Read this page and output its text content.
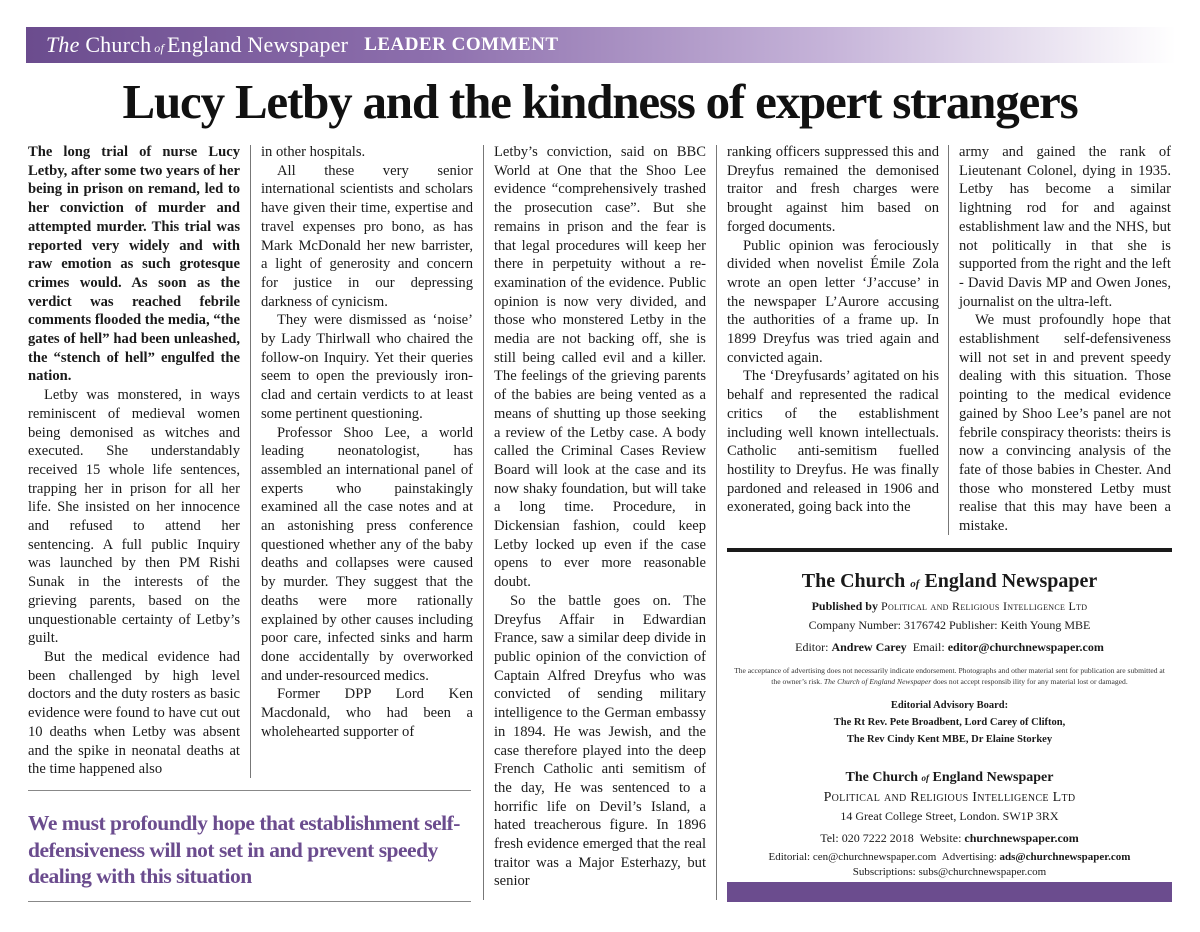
The Church of England Newspaper LEADER COMMENT
Lucy Letby and the kindness of expert strangers

The long trial of nurse Lucy Letby, after some two years of her being in prison on remand, led to her conviction of murder and attempted murder. This trial was reported very widely and with raw emotion as such grotesque crimes would. As soon as the verdict was reached febrile comments flooded the media, “the gates of hell” had been unleashed, the “stench of hell” engulfed the nation.

Letby was monstered, in ways reminiscent of medieval women being demonised as witches and executed. She understandably received 15 whole life sentences, trapping her in prison for all her life. She insisted on her innocence and refused to attend her sentencing. A full public Inquiry was launched by then PM Rishi Sunak in the interests of the grieving parents, based on the unquestionable certainty of Letby’s guilt.

But the medical evidence had been challenged by high level doctors and the duty rosters as basic evidence were found to have cut out 10 deaths when Letby was absent and the spike in neonatal deaths at the time happened also

in other hospitals.

All these very senior international scientists and scholars have given their time, expertise and travel expenses pro bono, as has Mark McDonald her new barrister, a light of generosity and concern for justice in our depressing darkness of cynicism.

They were dismissed as ‘noise’ by Lady Thirlwall who chaired the follow-on Inquiry. Yet their queries seem to open the previously iron-clad and certain verdicts to at least some pertinent questioning.

Professor Shoo Lee, a world leading neonatologist, has assembled an international panel of experts who painstakingly examined all the case notes and at an astonishing press conference questioned whether any of the baby deaths and collapses were caused by murder. They suggest that the deaths were more rationally explained by other causes including poor care, infected sinks and harm done accidentally by overworked and under-resourced medics.

Former DPP Lord Ken Macdonald, who had been a wholehearted supporter of

Letby’s conviction, said on BBC World at One that the Shoo Lee evidence “comprehensively trashed the prosecution case”. But she remains in prison and the fear is that legal procedures will keep her there in perpetuity without a re-examination of the evidence. Public opinion is now very divided, and those who monstered Letby in the media are not backing off, she is still being called evil and a killer. The feelings of the grieving parents of the babies are being vented as a means of shutting up those seeking a review of the Letby case. A body called the Criminal Cases Review Board will look at the case and its now shaky foundation, but will take a long time. Procedure, in Dickensian fashion, could keep Letby locked up even if the case opens to ever more reasonable doubt.

So the battle goes on. The Dreyfus Affair in Edwardian France, saw a similar deep divide in public opinion of the conviction of Captain Alfred Dreyfus who was convicted of sending military intelligence to the German embassy in 1894. He was Jewish, and the case therefore played into the deep French Catholic anti semitism of the day, He was sentenced to a horrific life on Devil’s Island, a hated treacherous figure. In 1896 fresh evidence emerged that the real traitor was a Major Esterhazy, but senior

ranking officers suppressed this and Dreyfus remained the demonised traitor and fresh charges were brought against him based on forged documents.

Public opinion was ferociously divided when novelist Émile Zola wrote an open letter ‘J’accuse’ in the newspaper L’Aurore accusing the authorities of a frame up. In 1899 Dreyfus was tried again and convicted again.

The ‘Dreyfusards’ agitated on his behalf and represented the radical critics of the establishment including well known intellectuals. Catholic anti-semitism fuelled hostility to Dreyfus. He was finally pardoned and released in 1906 and exonerated, going back into the

army and gained the rank of Lieutenant Colonel, dying in 1935. Letby has become a similar lightning rod for and against establishment law and the NHS, but not politically in that she is supported from the right and the left - David Davis MP and Owen Jones, journalist on the ultra-left.

We must profoundly hope that establishment self-defensiveness will not set in and prevent speedy dealing with this situation. Those pointing to the medical evidence gained by Shoo Lee’s panel are not febrile conspiracy theorists: theirs is now a convincing analysis of the fate of those babies in Chester. And those who monstered Letby must realise that this may have been a mistake.

We must profoundly hope that establishment self-defensiveness will not set in and prevent speedy dealing with this situation
The Church of England Newspaper
Published by Political and Religious Intelligence Ltd
Company Number: 3176742 Publisher: Keith Young MBE
Editor: Andrew Carey Email: editor@churchnewspaper.com
The acceptance of advertising does not necessarily indicate endorsement. Photographs and other material sent for publication are submitted at the owner’s risk. The Church of England Newspaper does not accept responsib ility for any material lost or damaged.
Editorial Advisory Board:
The Rt Rev. Pete Broadbent, Lord Carey of Clifton,
The Rev Cindy Kent MBE, Dr Elaine Storkey
The Church of England Newspaper
Political and Religious Intelligence Ltd
14 Great College Street, London. SW1P 3RX
Tel: 020 7222 2018 Website: churchnewspaper.com
Editorial: cen@churchnewspaper.com Advertising: ads@churchnewspaper.com
Subscriptions: subs@churchnewspaper.com
